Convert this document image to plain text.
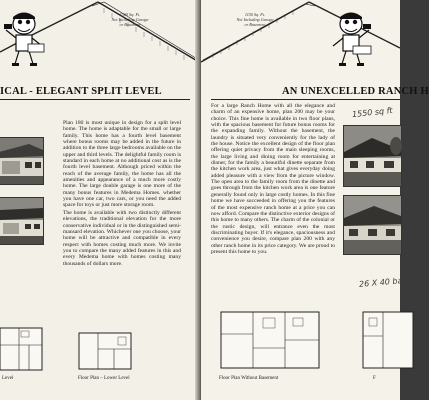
1300 Sq. Ft.
Not Including Garage
or Basement
ICAL - ELEGANT SPLIT LEVEL

Plan 180 is most unique in design for a split level home. The home is adaptable for the small or large family. This home has a fourth level basement where bonus rooms may be added in the future in addition to the three large bedrooms available on the upper and third levels. The delightful family room is standard in each home at no additional cost as is the fourth level basement. Although priced within the reach of the average family, the home has all the amenities and appearance of a much more costly home. The large double garage is one more of the many bonus features in Medema Homes. whether you have one car, two cars, or you need the added space for toys or just more storage room.

The home is available with two distinctly different elevations, the traditional elevation for the more conservative individual or in the distinguished semi-mansard elevation. Whichever one you choose, your home will be attractive and compatible in every respect with homes costing much more. We invite you to compare the many added features in this and every Medema home with homes costing many thousands of dollars more.

Level	Floor Plan – Lower Level
1150 Sq. Ft.
Not Including Garage
or Basement
AN UNEXCELLED RANCH H

For a large Ranch Home with all the elegance and charm of an expensive home, plan 200 may be your choice. This fine home is available in two floor plans, with the spacious basement for future bonus rooms for the expanding family. Without the basement, the laundry is situated very conveniently for the lady of the house. Notice the excellent design of the floor plan offering quiet privacy from the main sleeping rooms, the large living and dining room for entertaining at dinner, for the family a beautiful dinette separate from the kitchen work area, just what gives everyday doing added pleasure with a view from the picture window. The open area to the family room from the dinette and goes through from the kitchen work area is one feature generally found only in large costly homes. In this fine home we have succeeded in offering you the features of the most expensive ranch home at a price you can now afford. Compare the distinctive exterior designs of this home to many others. The charm of the colonial or the rustic design, will entrance even the most discriminating buyer. If it's elegance, spaciousness and convenience you desire, compare plan 200 with any other ranch home in its price category. We are proud to present this home to you.

1550 sq ft
26 X 40 ba
Floor Plan Without Basement	F
